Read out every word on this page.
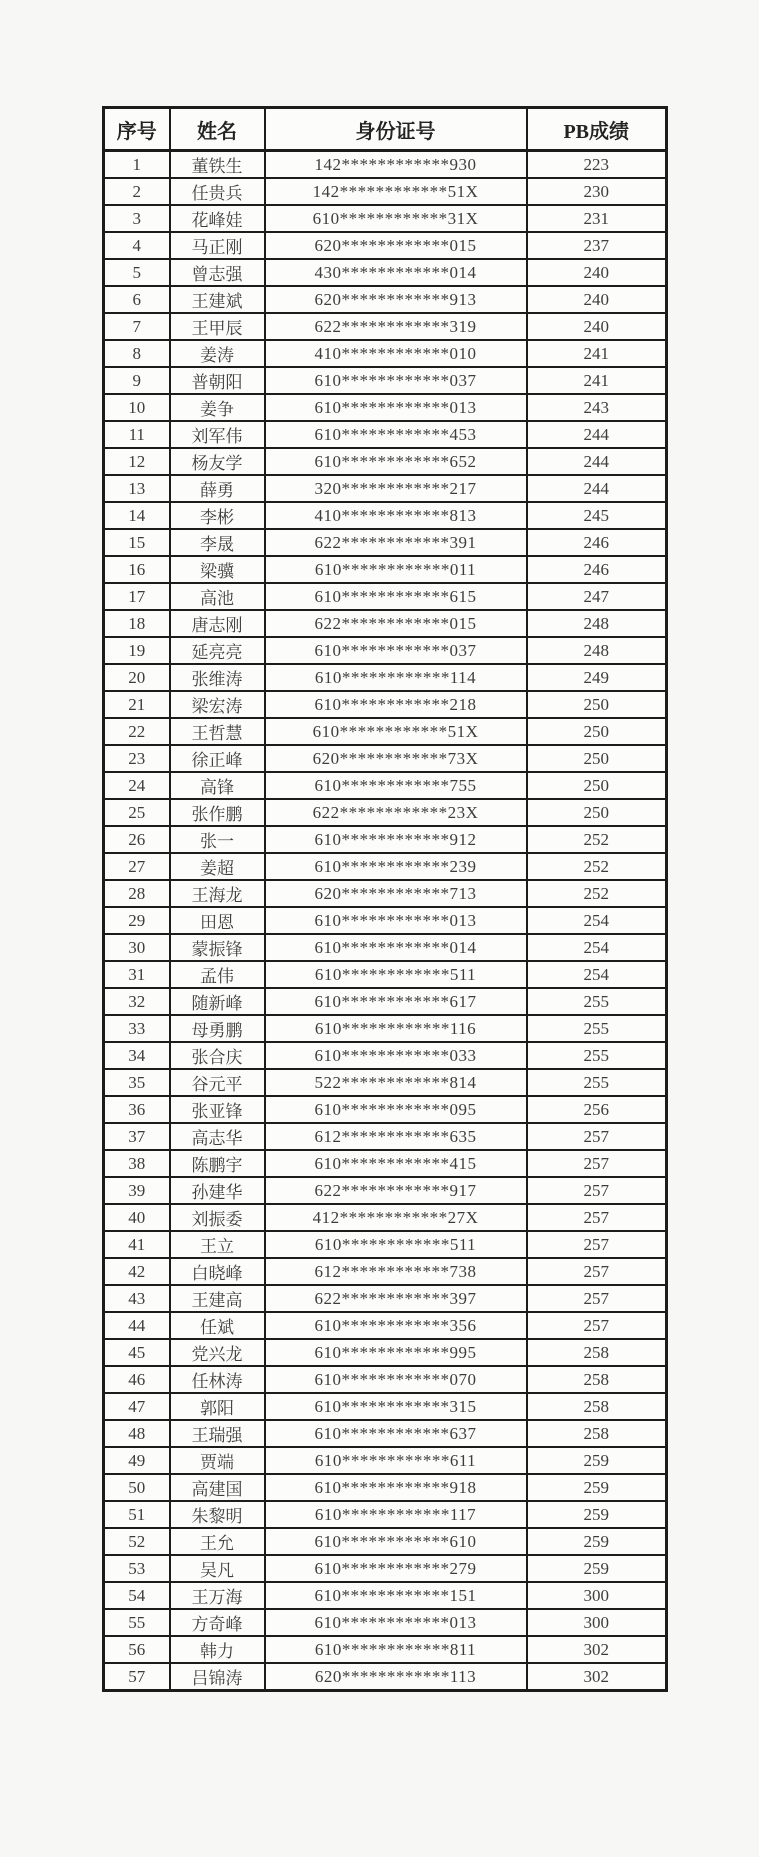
序号	姓名	身份证号	PB成绩
1	董铁生	142************930	223
2	任贵兵	142************51X	230
3	花峰娃	610************31X	231
4	马正刚	620************015	237
5	曾志强	430************014	240
6	王建斌	620************913	240
7	王甲辰	622************319	240
8	姜涛	410************010	241
9	普朝阳	610************037	241
10	姜争	610************013	243
11	刘军伟	610************453	244
12	杨友学	610************652	244
13	薛勇	320************217	244
14	李彬	410************813	245
15	李晟	622************391	246
16	梁骥	610************011	246
17	高池	610************615	247
18	唐志刚	622************015	248
19	延亮亮	610************037	248
20	张维涛	610************114	249
21	梁宏涛	610************218	250
22	王哲慧	610************51X	250
23	徐正峰	620************73X	250
24	高锋	610************755	250
25	张作鹏	622************23X	250
26	张一	610************912	252
27	姜超	610************239	252
28	王海龙	620************713	252
29	田恩	610************013	254
30	蒙振锋	610************014	254
31	孟伟	610************511	254
32	随新峰	610************617	255
33	母勇鹏	610************116	255
34	张合庆	610************033	255
35	谷元平	522************814	255
36	张亚锋	610************095	256
37	高志华	612************635	257
38	陈鹏宇	610************415	257
39	孙建华	622************917	257
40	刘振委	412************27X	257
41	王立	610************511	257
42	白晓峰	612************738	257
43	王建高	622************397	257
44	任斌	610************356	257
45	党兴龙	610************995	258
46	任林涛	610************070	258
47	郭阳	610************315	258
48	王瑞强	610************637	258
49	贾端	610************611	259
50	高建国	610************918	259
51	朱黎明	610************117	259
52	王允	610************610	259
53	吴凡	610************279	259
54	王万海	610************151	300
55	方奇峰	610************013	300
56	韩力	610************811	302
57	吕锦涛	620************113	302
